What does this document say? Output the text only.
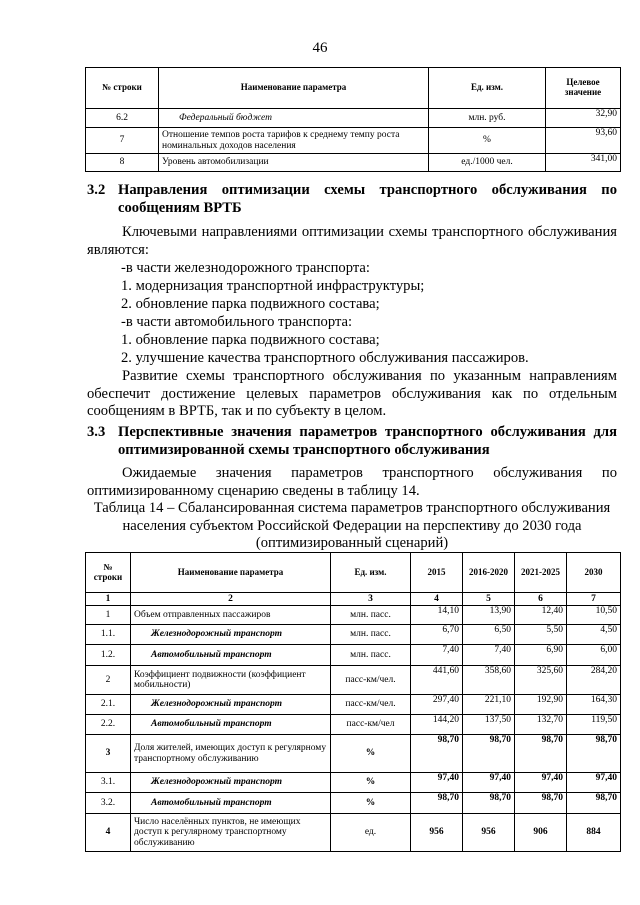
46
№ строки	Наименование параметра	Ед. изм.	Целевое значение
6.2	Федеральный бюджет	млн. руб.	32,90
7	Отношение темпов роста тарифов к среднему темпу роста номинальных доходов населения	%	93,60
8	Уровень автомобилизации	ед./1000 чел.	341,00
3.2 Направления оптимизации схемы транспортного обслуживания по сообщениям ВРТБ
Ключевыми направлениями оптимизации схемы транспортного обслуживания являются:
-в части железнодорожного транспорта:
1. модернизация транспортной инфраструктуры;
2. обновление парка подвижного состава;
-в части автомобильного транспорта:
1. обновление парка подвижного состава;
2. улучшение качества транспортного обслуживания пассажиров.
Развитие схемы транспортного обслуживания по указанным направлениям обеспечит достижение целевых параметров обслуживания как по отдельным сообщениям в ВРТБ, так и по субъекту в целом.
3.3 Перспективные значения параметров транспортного обслуживания для оптимизированной схемы транспортного обслуживания
Ожидаемые значения параметров транспортного обслуживания по оптимизированному сценарию сведены в таблицу 14.
Таблица 14 – Сбалансированная система параметров транспортного обслуживания населения субъектом Российской Федерации на перспективу до 2030 года (оптимизированный сценарий)
№ строки	Наименование параметра	Ед. изм.	2015	2016-2020	2021-2025	2030
1	2	3	4	5	6	7
1	Объем отправленных пассажиров	млн. пасс.	14,10	13,90	12,40	10,50
1.1.	Железнодорожный транспорт	млн. пасс.	6,70	6,50	5,50	4,50
1.2.	Автомобильный транспорт	млн. пасс.	7,40	7,40	6,90	6,00
2	Коэффициент подвижности (коэффициент мобильности)	пасс-км/чел.	441,60	358,60	325,60	284,20
2.1.	Железнодорожный транспорт	пасс-км/чел.	297,40	221,10	192,90	164,30
2.2.	Автомобильный транспорт	пасс-км/чел	144,20	137,50	132,70	119,50
3	Доля жителей, имеющих доступ к регулярному транспортному обслуживанию	%	98,70	98,70	98,70	98,70
3.1.	Железнодорожный транспорт	%	97,40	97,40	97,40	97,40
3.2.	Автомобильный транспорт	%	98,70	98,70	98,70	98,70
4	Число населённых пунктов, не имеющих доступ к регулярному транспортному обслуживанию	ед.	956	956	906	884
